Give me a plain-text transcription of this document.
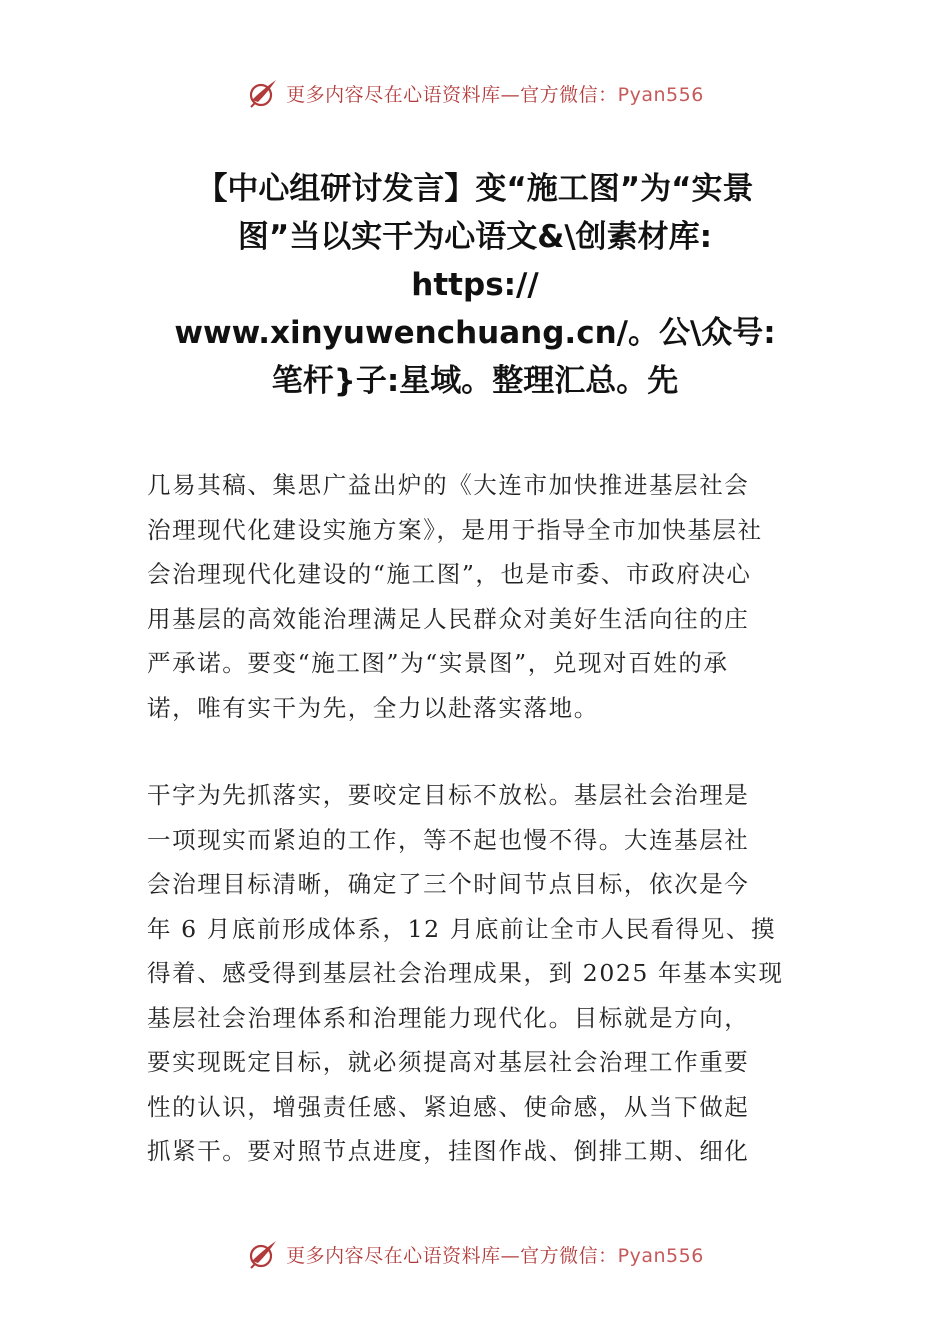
更多内容尽在心语资料库—官方微信：Pyan556
【中心组研讨发言】变“施工图”为“实景
图”当以实干为心语文&\创素材库:
https://
www.xinyuwenchuang.cn/。公\众号:
笔杆}子:星域。整理汇总。先

几易其稿、集思广益出炉的《大连市加快推进基层社会
治理现代化建设实施方案》，是用于指导全市加快基层社
会治理现代化建设的“施工图”，也是市委、市政府决心
用基层的高效能治理满足人民群众对美好生活向往的庄
严承诺。要变“施工图”为“实景图”，兑现对百姓的承
诺，唯有实干为先，全力以赴落实落地。

干字为先抓落实，要咬定目标不放松。基层社会治理是
一项现实而紧迫的工作，等不起也慢不得。大连基层社
会治理目标清晰，确定了三个时间节点目标，依次是今
年 6 月底前形成体系，12 月底前让全市人民看得见、摸
得着、感受得到基层社会治理成果，到 2025 年基本实现
基层社会治理体系和治理能力现代化。目标就是方向，
要实现既定目标，就必须提高对基层社会治理工作重要
性的认识，增强责任感、紧迫感、使命感，从当下做起
抓紧干。要对照节点进度，挂图作战、倒排工期、细化

更多内容尽在心语资料库—官方微信：Pyan556
